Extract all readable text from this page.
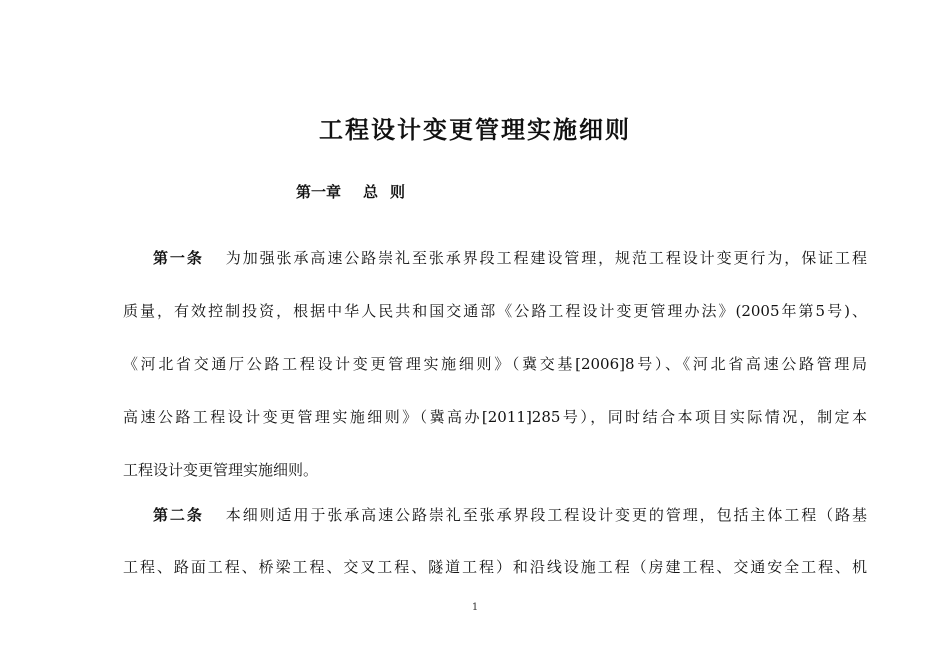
工程设计变更管理实施细则
第一章 总 则
第一条 为加强张承高速公路崇礼至张承界段工程建设管理，规范工程设计变更行为，保证工程
质量，有效控制投资，根据中华人民共和国交通部《公路工程设计变更管理办法》(2005年第5号)、
《河北省交通厅公路工程设计变更管理实施细则》（冀交基[2006]8号）、《河北省高速公路管理局
高速公路工程设计变更管理实施细则》（冀高办[2011]285号），同时结合本项目实际情况，制定本
工程设计变更管理实施细则。
第二条 本细则适用于张承高速公路崇礼至张承界段工程设计变更的管理，包括主体工程（路基
工程、路面工程、桥梁工程、交叉工程、隧道工程）和沿线设施工程（房建工程、交通安全工程、机
1
